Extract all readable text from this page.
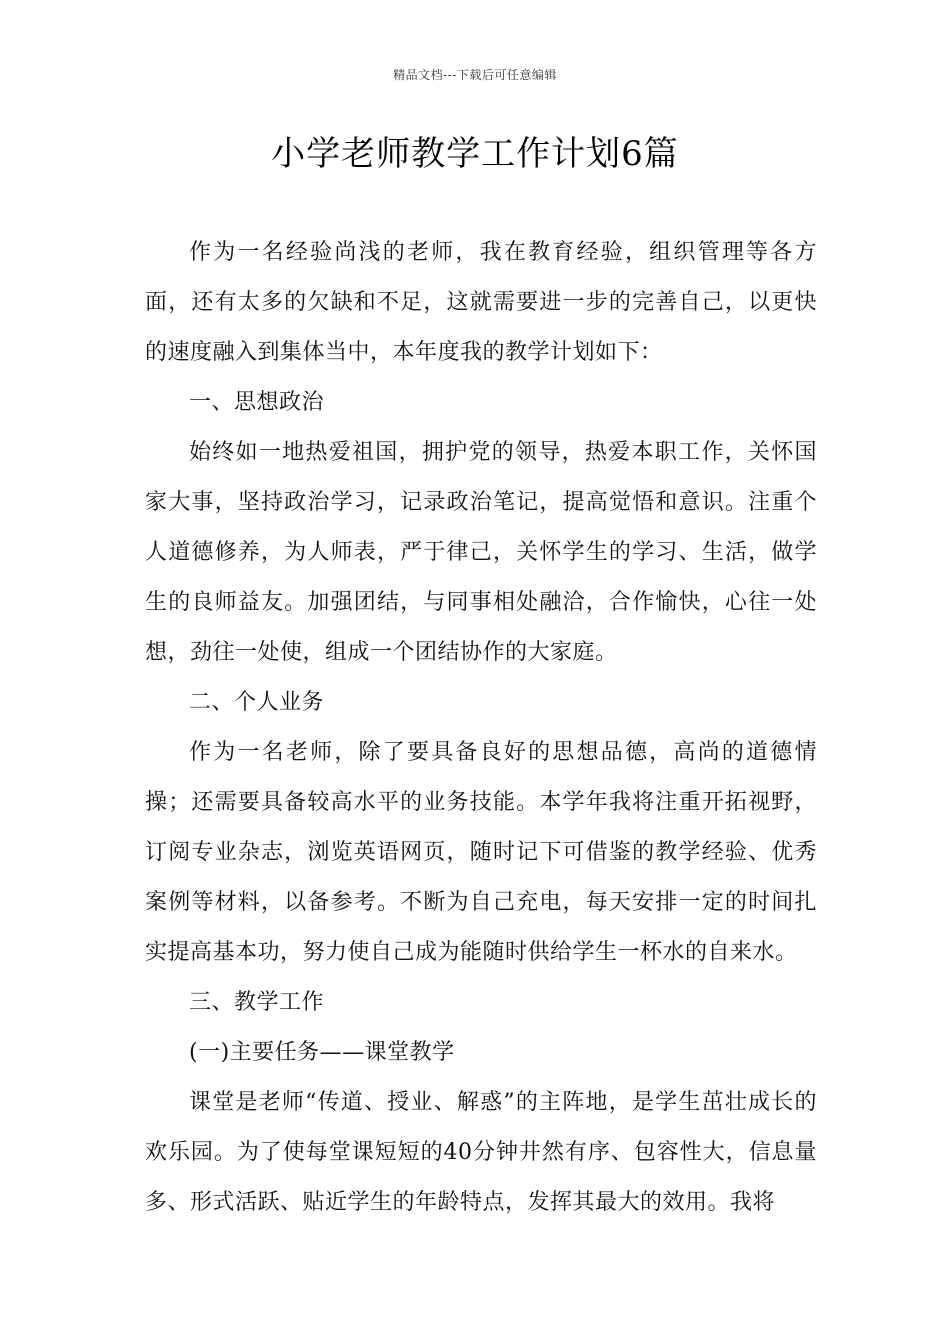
精品文档---下载后可任意编辑
小学老师教学工作计划6篇

作为一名经验尚浅的老师，我在教育经验，组织管理等各方面，还有太多的欠缺和不足，这就需要进一步的完善自己，以更快的速度融入到集体当中，本年度我的教学计划如下：

一、思想政治

始终如一地热爱祖国，拥护党的领导，热爱本职工作，关怀国家大事，坚持政治学习，记录政治笔记，提高觉悟和意识。注重个人道德修养，为人师表，严于律己，关怀学生的学习、生活，做学生的良师益友。加强团结，与同事相处融洽，合作愉快，心往一处想，劲往一处使，组成一个团结协作的大家庭。

二、个人业务

作为一名老师，除了要具备良好的思想品德，高尚的道德情操；还需要具备较高水平的业务技能。本学年我将注重开拓视野，订阅专业杂志，浏览英语网页，随时记下可借鉴的教学经验、优秀案例等材料，以备参考。不断为自己充电，每天安排一定的时间扎实提高基本功，努力使自己成为能随时供给学生一杯水的自来水。

三、教学工作

(一)主要任务——课堂教学

课堂是老师“传道、授业、解惑”的主阵地，是学生茁壮成长的欢乐园。为了使每堂课短短的40分钟井然有序、包容性大，信息量多、形式活跃、贴近学生的年龄特点，发挥其最大的效用。我将
